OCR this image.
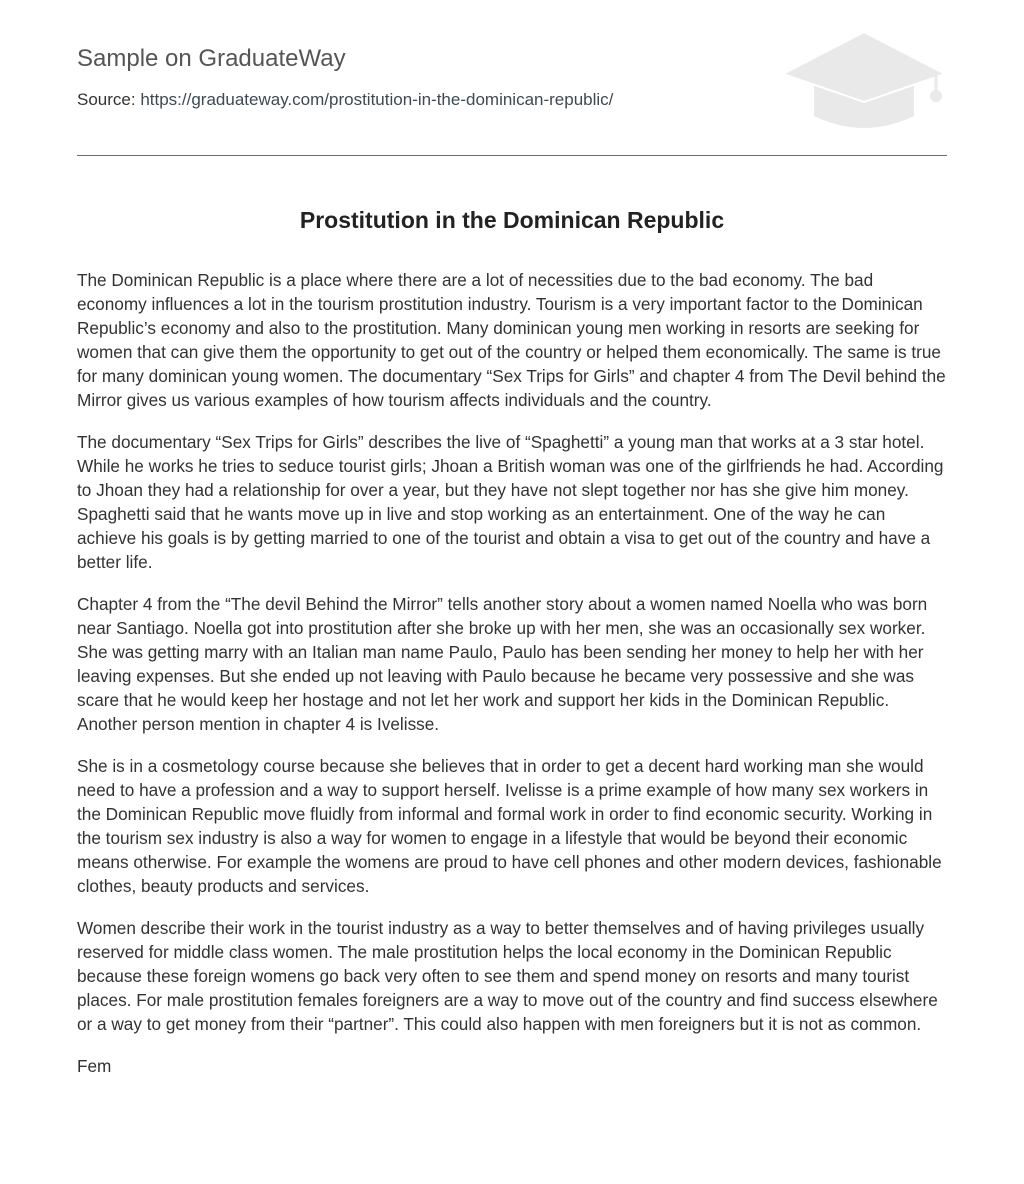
Sample on GraduateWay
Source: https://graduateway.com/prostitution-in-the-dominican-republic/
Prostitution in the Dominican Republic

The Dominican Republic is a place where there are a lot of necessities due to the bad economy. The bad economy influences a lot in the tourism prostitution industry. Tourism is a very important factor to the Dominican Republic’s economy and also to the prostitution. Many dominican young men working in resorts are seeking for women that can give them the opportunity to get out of the country or helped them economically. The same is true for many dominican young women. The documentary “Sex Trips for Girls” and chapter 4 from The Devil behind the Mirror gives us various examples of how tourism affects individuals and the country.

The documentary “Sex Trips for Girls” describes the live of “Spaghetti” a young man that works at a 3 star hotel. While he works he tries to seduce tourist girls; Jhoan a British woman was one of the girlfriends he had. According to Jhoan they had a relationship for over a year, but they have not slept together nor has she give him money. Spaghetti said that he wants move up in live and stop working as an entertainment. One of the way he can achieve his goals is by getting married to one of the tourist and obtain a visa to get out of the country and have a better life.

Chapter 4 from the “The devil Behind the Mirror” tells another story about a women named Noella who was born near Santiago. Noella got into prostitution after she broke up with her men, she was an occasionally sex worker. She was getting marry with an Italian man name Paulo, Paulo has been sending her money to help her with her leaving expenses. But she ended up not leaving with Paulo because he became very possessive and she was scare that he would keep her hostage and not let her work and support her kids in the Dominican Republic. Another person mention in chapter 4 is Ivelisse.

She is in a cosmetology course because she believes that in order to get a decent hard working man she would need to have a profession and a way to support herself. Ivelisse is a prime example of how many sex workers in the Dominican Republic move fluidly from informal and formal work in order to find economic security. Working in the tourism sex industry is also a way for women to engage in a lifestyle that would be beyond their economic means otherwise. For example the womens are proud to have cell phones and other modern devices, fashionable clothes, beauty products and services.

Women describe their work in the tourist industry as a way to better themselves and of having privileges usually reserved for middle class women. The male prostitution helps the local economy in the Dominican Republic because these foreign womens go back very often to see them and spend money on resorts and many tourist places. For male prostitution females foreigners are a way to move out of the country and find success elsewhere or a way to get money from their “partner”. This could also happen with men foreigners but it is not as common.

Fem
